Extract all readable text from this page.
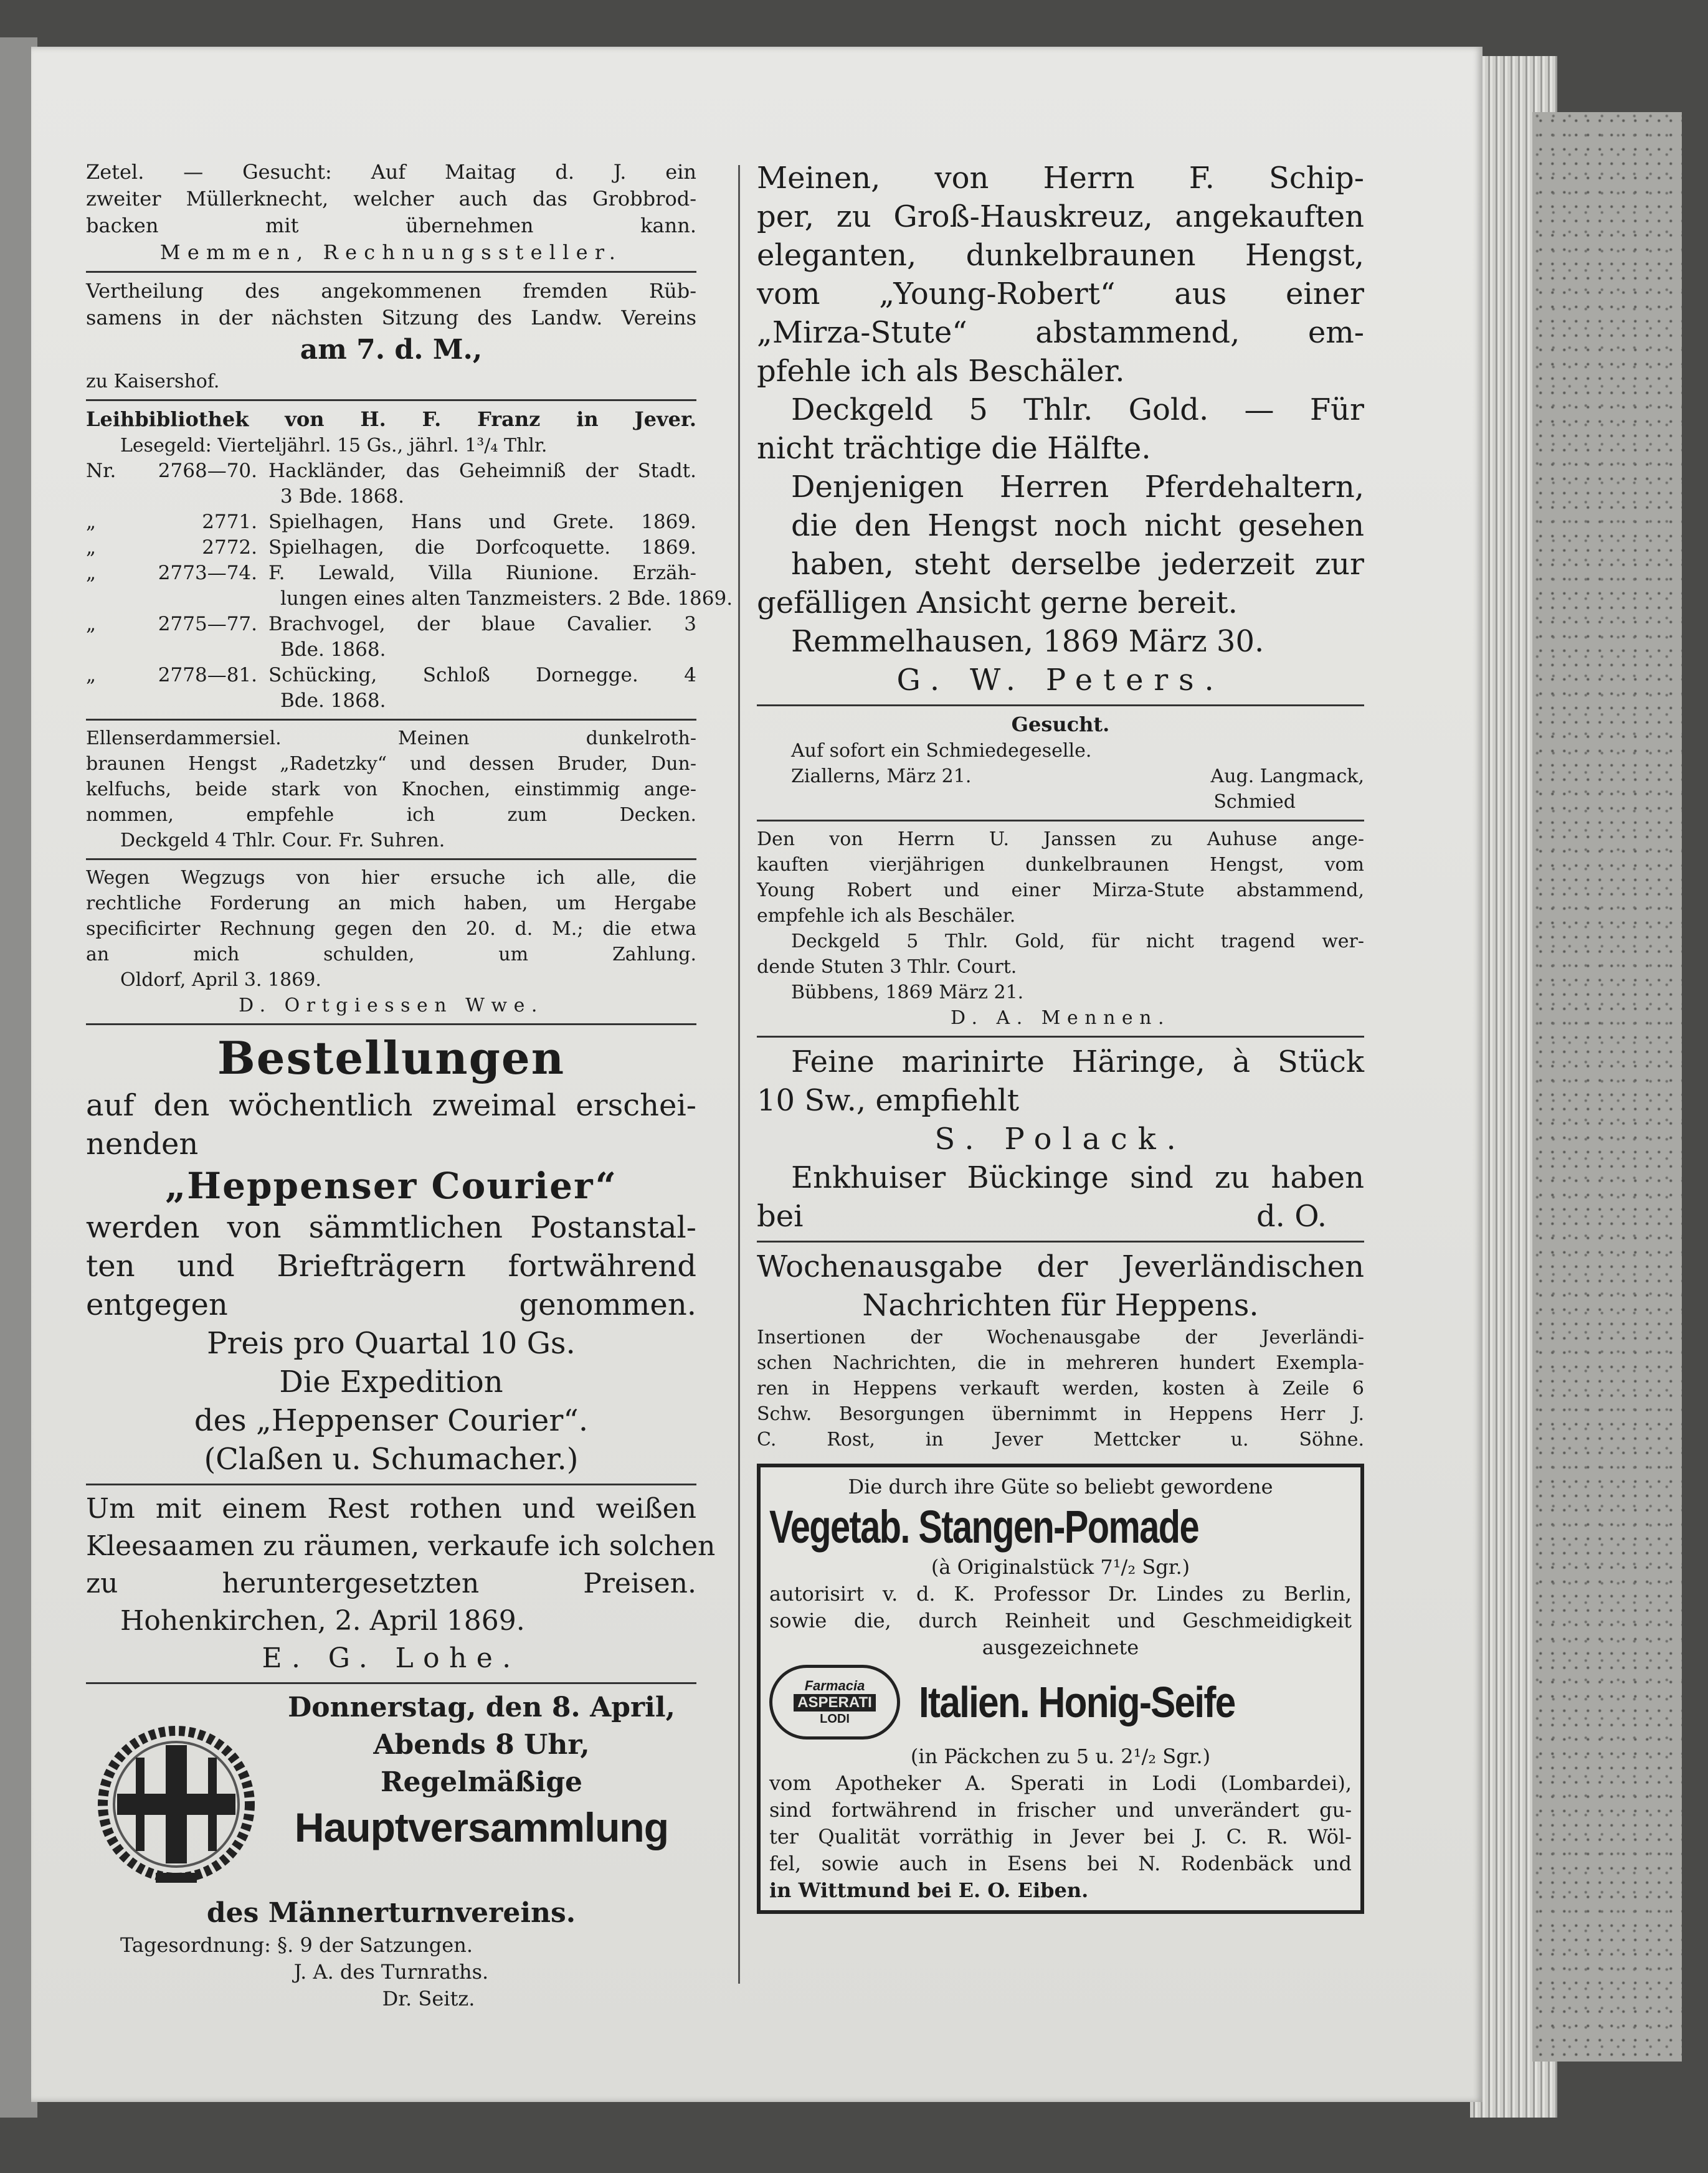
Zetel. — Gesucht: Auf Maitag d. J. ein
zweiter Müllerknecht, welcher auch das Grobbrod-
backen mit übernehmen kann.
Memmen, Rechnungssteller.
Vertheilung des angekommenen fremden Rüb-
samens in der nächsten Sitzung des Landw. Vereins
am 7. d. M.,
zu Kaisershof.
Leihbibliothek von H. F. Franz in Jever.
Lesegeld: Vierteljährl. 15 Gs., jährl. 1³/₄ Thlr.
Nr.	2768—70. Hackländer, das Geheimniß der Stadt.
3 Bde. 1868.
„	2771. Spielhagen, Hans und Grete. 1869.
„	2772. Spielhagen, die Dorfcoquette. 1869.
„	2773—74. F. Lewald, Villa Riunione. Erzäh-
lungen eines alten Tanzmeisters. 2 Bde. 1869.
„	2775—77. Brachvogel, der blaue Cavalier. 3
Bde. 1868.
„	2778—81. Schücking, Schloß Dornegge. 4
Bde. 1868.
Ellenserdammersiel. Meinen dunkelroth-
braunen Hengst „Radetzky“ und dessen Bruder, Dun-
kelfuchs, beide stark von Knochen, einstimmig ange-
nommen, empfehle ich zum Decken.
Deckgeld 4 Thlr. Cour. Fr. Suhren.
Wegen Wegzugs von hier ersuche ich alle, die
rechtliche Forderung an mich haben, um Hergabe
specificirter Rechnung gegen den 20. d. M.; die etwa
an mich schulden, um Zahlung.
Oldorf, April 3. 1869.
D. Ortgiessen Wwe.
Bestellungen
auf den wöchentlich zweimal erschei-
nenden
„Heppenser Courier“
werden von sämmtlichen Postanstal-
ten und Briefträgern fortwährend
entgegen genommen.
Preis pro Quartal 10 Gs.
Die Expedition
des „Heppenser Courier“.
(Claßen u. Schumacher.)
Um mit einem Rest rothen und weißen
Kleesaamen zu räumen, verkaufe ich solchen
zu heruntergesetzten Preisen.
Hohenkirchen, 2. April 1869.
E. G. Lohe.
Donnerstag, den 8. April,
Abends 8 Uhr,
Regelmäßige
Hauptversammlung
des Männerturnvereins.
Tagesordnung: §. 9 der Satzungen.
J. A. des Turnraths.
Dr. Seitz.
Meinen, von Herrn F. Schip-
per, zu Groß-Hauskreuz, angekauften
eleganten, dunkelbraunen Hengst,
vom „Young-Robert“ aus einer
„Mirza-Stute“ abstammend, em-
pfehle ich als Beschäler.
Deckgeld 5 Thlr. Gold. — Für
nicht trächtige die Hälfte.
Denjenigen Herren Pferdehaltern,
die den Hengst noch nicht gesehen
haben, steht derselbe jederzeit zur
gefälligen Ansicht gerne bereit.
Remmelhausen, 1869 März 30.
G. W. Peters.
Gesucht.
Auf sofort ein Schmiedegeselle.
Ziallerns, März 21.	Aug. Langmack,
Schmied
Den von Herrn U. Janssen zu Auhuse ange-
kauften vierjährigen dunkelbraunen Hengst, vom
Young Robert und einer Mirza-Stute abstammend,
empfehle ich als Beschäler.
Deckgeld 5 Thlr. Gold, für nicht tragend wer-
dende Stuten 3 Thlr. Court.
Bübbens, 1869 März 21.
D. A. Mennen.
Feine marinirte Häringe, à Stück
10 Sw., empfiehlt
S. Polack.
Enkhuiser Bückinge sind zu haben
bei	d. O.
Wochenausgabe der Jeverländischen
Nachrichten für Heppens.
Insertionen der Wochenausgabe der Jeverländi-
schen Nachrichten, die in mehreren hundert Exempla-
ren in Heppens verkauft werden, kosten à Zeile 6
Schw. Besorgungen übernimmt in Heppens Herr J.
C. Rost, in Jever Mettcker u. Söhne.
Die durch ihre Güte so beliebt gewordene
Vegetab. Stangen-Pomade
(à Originalstück 7¹/₂ Sgr.)
autorisirt v. d. K. Professor Dr. Lindes zu Berlin,
sowie die, durch Reinheit und Geschmeidigkeit
ausgezeichnete
Farmacia
ASPERATI
LODI Italien. Honig-Seife
(in Päckchen zu 5 u. 2¹/₂ Sgr.)
vom Apotheker A. Sperati in Lodi (Lombardei),
sind fortwährend in frischer und unverändert gu-
ter Qualität vorräthig in Jever bei J. C. R. Wöl-
fel, sowie auch in Esens bei N. Rodenbäck und
in Wittmund bei E. O. Eiben.
